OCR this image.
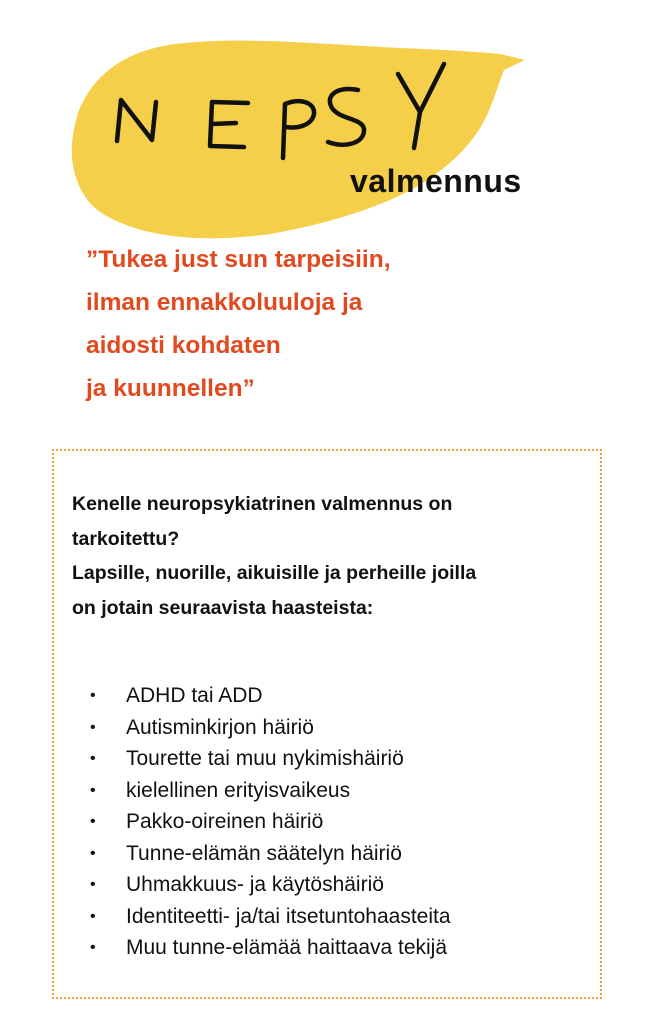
valmennus

”Tukea just sun tarpeisiin,
ilman ennakkoluuloja ja
aidosti kohdaten
ja kuunnellen”

Kenelle neuropsykiatrinen valmennus on
tarkoitettu?
Lapsille, nuorille, aikuisille ja perheille joilla
on jotain seuraavista haasteista:

• ADHD tai ADD
• Autisminkirjon häiriö
• Tourette tai muu nykimishäiriö
• kielellinen erityisvaikeus
• Pakko-oireinen häiriö
• Tunne-elämän säätelyn häiriö
• Uhmakkuus- ja käytöshäiriö
• Identiteetti- ja/tai itsetuntohaasteita
• Muu tunne-elämää haittaava tekijä
